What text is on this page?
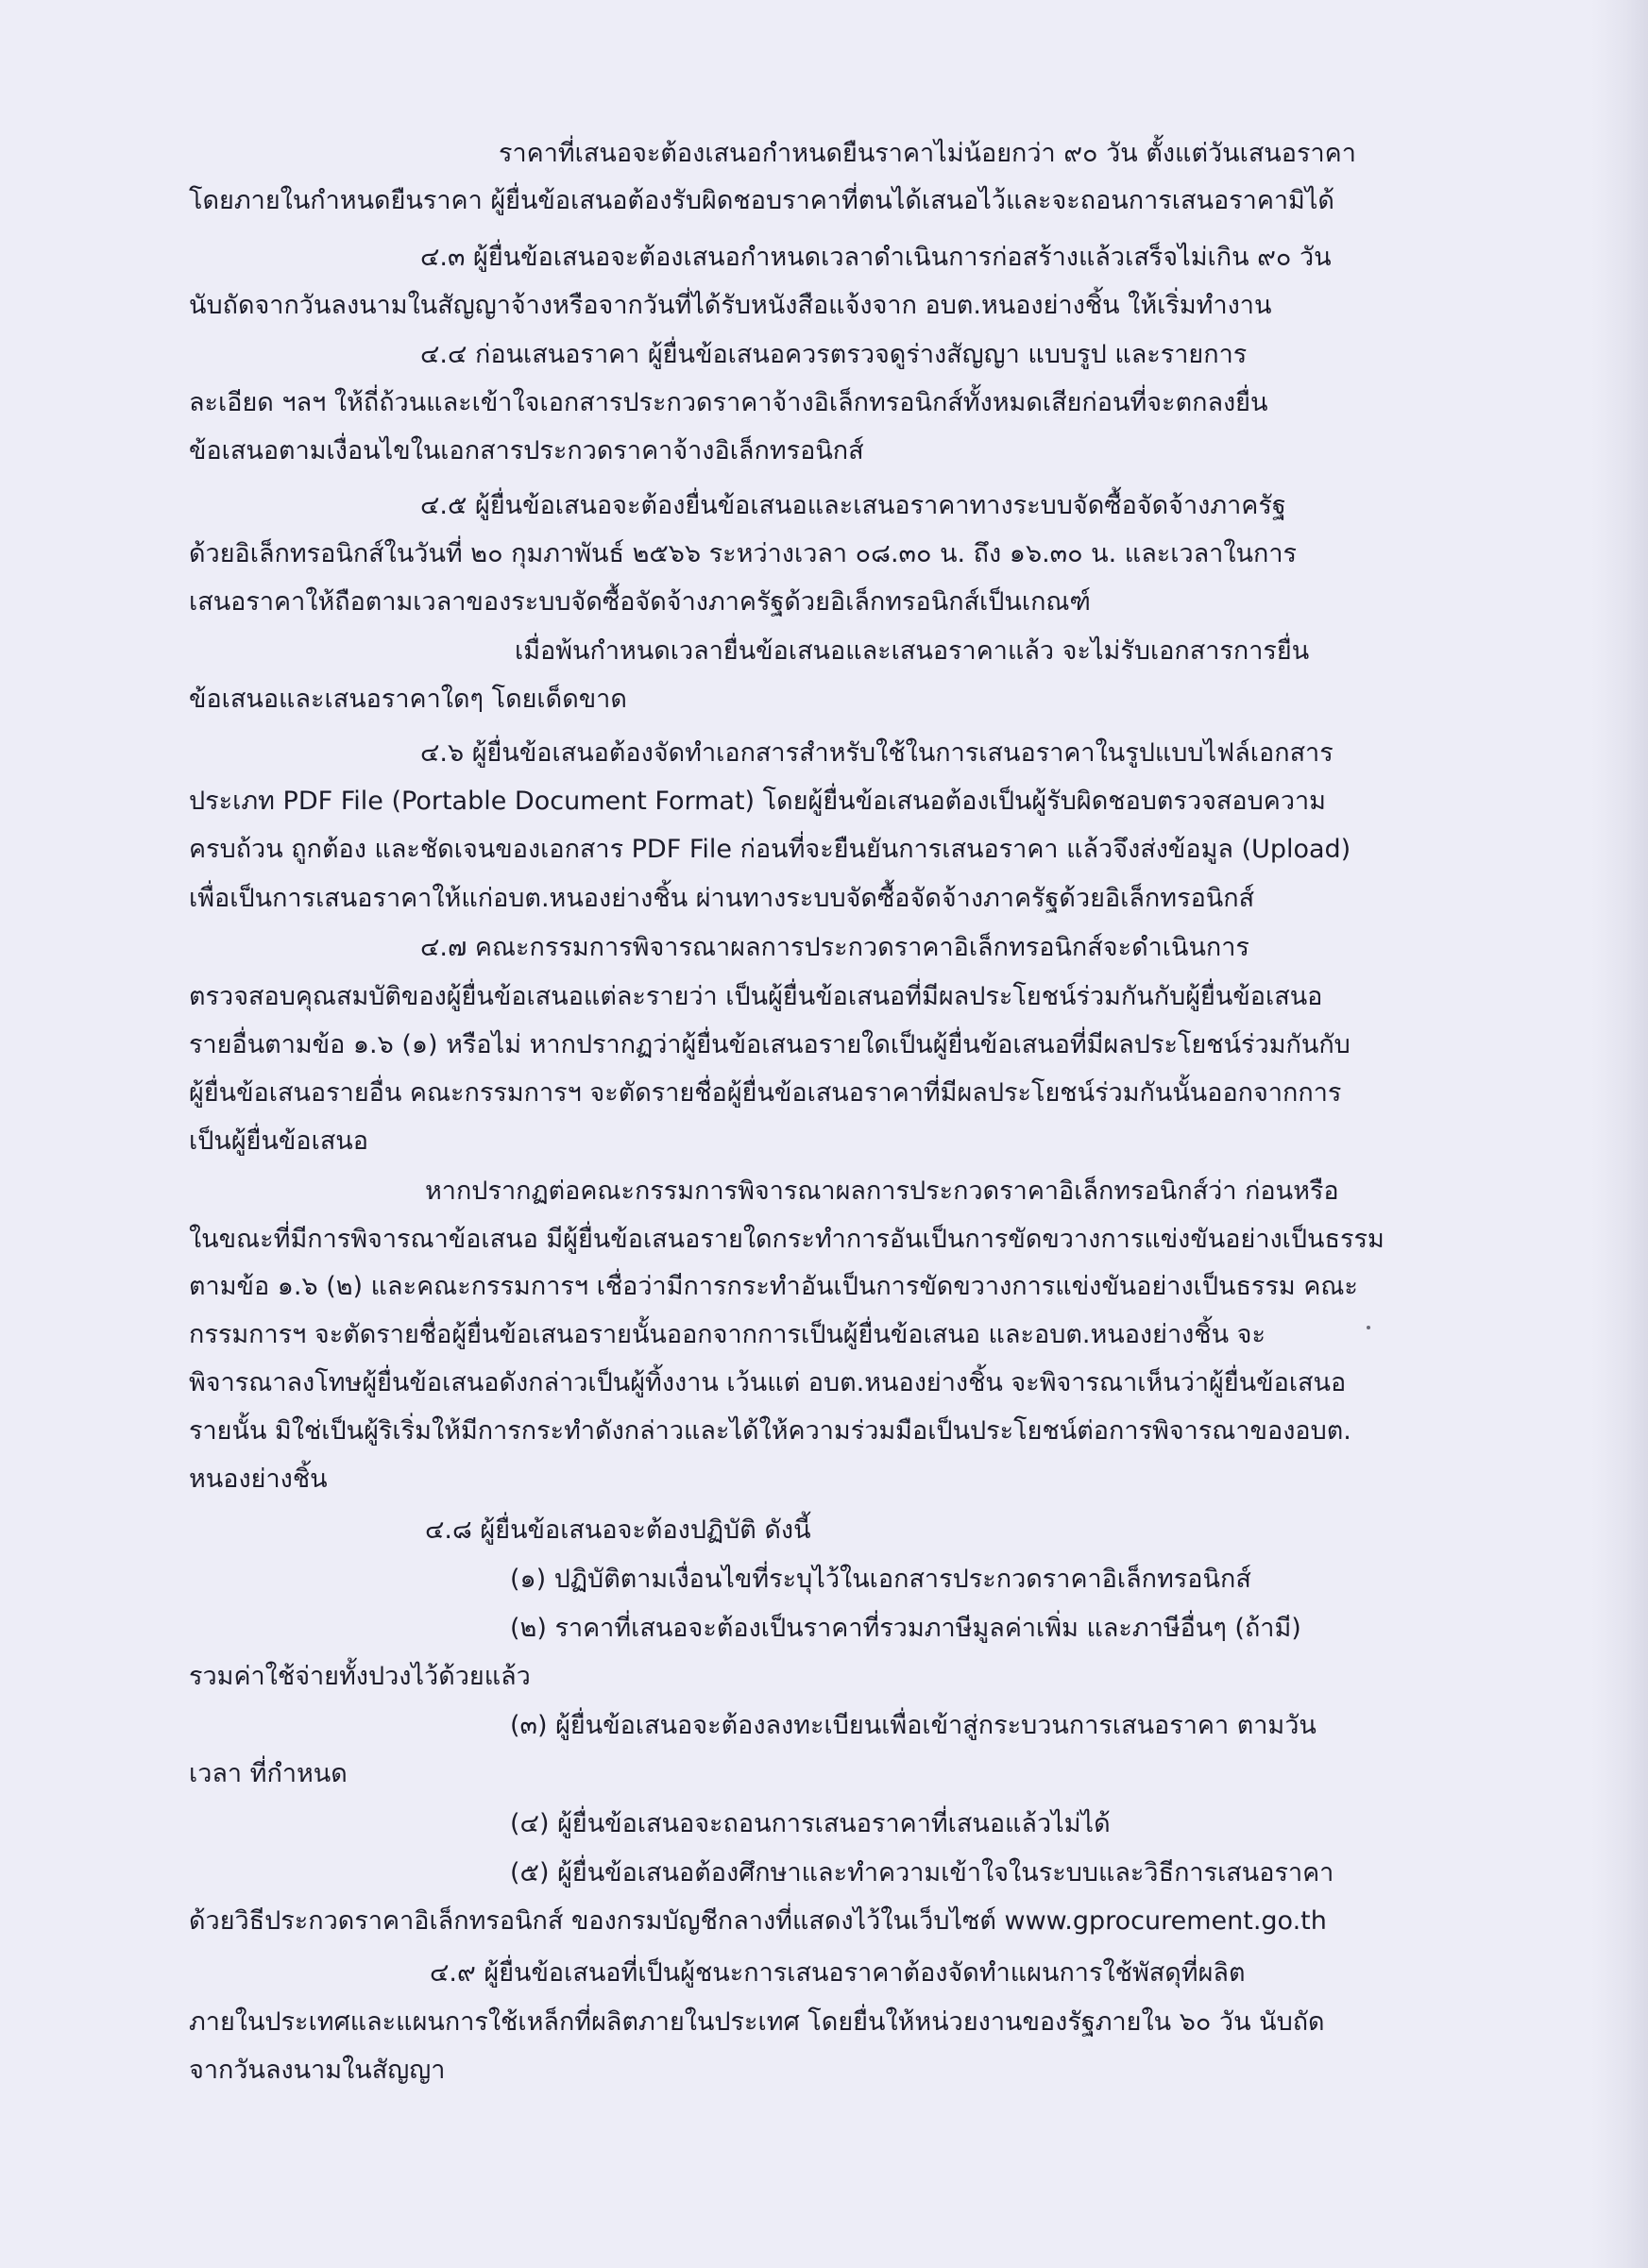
ราคาที่เสนอจะต้องเสนอกำหนดยืนราคาไม่น้อยกว่า ๙๐ วัน ตั้งแต่วันเสนอราคา
โดยภายในกำหนดยืนราคา ผู้ยื่นข้อเสนอต้องรับผิดชอบราคาที่ตนได้เสนอไว้และจะถอนการเสนอราคามิได้
๔.๓ ผู้ยื่นข้อเสนอจะต้องเสนอกำหนดเวลาดำเนินการก่อสร้างแล้วเสร็จไม่เกิน ๙๐ วัน
นับถัดจากวันลงนามในสัญญาจ้างหรือจากวันที่ได้รับหนังสือแจ้งจาก อบต.หนองย่างชิ้น ให้เริ่มทำงาน
๔.๔ ก่อนเสนอราคา ผู้ยื่นข้อเสนอควรตรวจดูร่างสัญญา แบบรูป และรายการ
ละเอียด ฯลฯ ให้ถี่ถ้วนและเข้าใจเอกสารประกวดราคาจ้างอิเล็กทรอนิกส์ทั้งหมดเสียก่อนที่จะตกลงยื่น
ข้อเสนอตามเงื่อนไขในเอกสารประกวดราคาจ้างอิเล็กทรอนิกส์
๔.๕ ผู้ยื่นข้อเสนอจะต้องยื่นข้อเสนอและเสนอราคาทางระบบจัดซื้อจัดจ้างภาครัฐ
ด้วยอิเล็กทรอนิกส์ในวันที่ ๒๐ กุมภาพันธ์ ๒๕๖๖ ระหว่างเวลา ๐๘.๓๐ น. ถึง ๑๖.๓๐ น. และเวลาในการ
เสนอราคาให้ถือตามเวลาของระบบจัดซื้อจัดจ้างภาครัฐด้วยอิเล็กทรอนิกส์เป็นเกณฑ์
เมื่อพ้นกำหนดเวลายื่นข้อเสนอและเสนอราคาแล้ว จะไม่รับเอกสารการยื่น
ข้อเสนอและเสนอราคาใดๆ โดยเด็ดขาด
๔.๖ ผู้ยื่นข้อเสนอต้องจัดทำเอกสารสำหรับใช้ในการเสนอราคาในรูปแบบไฟล์เอกสาร
ประเภท PDF File (Portable Document Format) โดยผู้ยื่นข้อเสนอต้องเป็นผู้รับผิดชอบตรวจสอบความ
ครบถ้วน ถูกต้อง และชัดเจนของเอกสาร PDF File ก่อนที่จะยืนยันการเสนอราคา แล้วจึงส่งข้อมูล (Upload)
เพื่อเป็นการเสนอราคาให้แก่อบต.หนองย่างชิ้น ผ่านทางระบบจัดซื้อจัดจ้างภาครัฐด้วยอิเล็กทรอนิกส์
๔.๗ คณะกรรมการพิจารณาผลการประกวดราคาอิเล็กทรอนิกส์จะดำเนินการ
ตรวจสอบคุณสมบัติของผู้ยื่นข้อเสนอแต่ละรายว่า เป็นผู้ยื่นข้อเสนอที่มีผลประโยชน์ร่วมกันกับผู้ยื่นข้อเสนอ
รายอื่นตามข้อ ๑.๖ (๑) หรือไม่ หากปรากฏว่าผู้ยื่นข้อเสนอรายใดเป็นผู้ยื่นข้อเสนอที่มีผลประโยชน์ร่วมกันกับ
ผู้ยื่นข้อเสนอรายอื่น คณะกรรมการฯ จะตัดรายชื่อผู้ยื่นข้อเสนอราคาที่มีผลประโยชน์ร่วมกันนั้นออกจากการ
เป็นผู้ยื่นข้อเสนอ
หากปรากฏต่อคณะกรรมการพิจารณาผลการประกวดราคาอิเล็กทรอนิกส์ว่า ก่อนหรือ
ในขณะที่มีการพิจารณาข้อเสนอ มีผู้ยื่นข้อเสนอรายใดกระทำการอันเป็นการขัดขวางการแข่งขันอย่างเป็นธรรม
ตามข้อ ๑.๖ (๒) และคณะกรรมการฯ เชื่อว่ามีการกระทำอันเป็นการขัดขวางการแข่งขันอย่างเป็นธรรม คณะ
กรรมการฯ จะตัดรายชื่อผู้ยื่นข้อเสนอรายนั้นออกจากการเป็นผู้ยื่นข้อเสนอ และอบต.หนองย่างชิ้น จะ
พิจารณาลงโทษผู้ยื่นข้อเสนอดังกล่าวเป็นผู้ทิ้งงาน เว้นแต่ อบต.หนองย่างชิ้น จะพิจารณาเห็นว่าผู้ยื่นข้อเสนอ
รายนั้น มิใช่เป็นผู้ริเริ่มให้มีการกระทำดังกล่าวและได้ให้ความร่วมมือเป็นประโยชน์ต่อการพิจารณาของอบต.
หนองย่างชิ้น
๔.๘ ผู้ยื่นข้อเสนอจะต้องปฏิบัติ ดังนี้
(๑) ปฏิบัติตามเงื่อนไขที่ระบุไว้ในเอกสารประกวดราคาอิเล็กทรอนิกส์
(๒) ราคาที่เสนอจะต้องเป็นราคาที่รวมภาษีมูลค่าเพิ่ม และภาษีอื่นๆ (ถ้ามี)
รวมค่าใช้จ่ายทั้งปวงไว้ด้วยแล้ว
(๓) ผู้ยื่นข้อเสนอจะต้องลงทะเบียนเพื่อเข้าสู่กระบวนการเสนอราคา ตามวัน
เวลา ที่กำหนด
(๔) ผู้ยื่นข้อเสนอจะถอนการเสนอราคาที่เสนอแล้วไม่ได้
(๕) ผู้ยื่นข้อเสนอต้องศึกษาและทำความเข้าใจในระบบและวิธีการเสนอราคา
ด้วยวิธีประกวดราคาอิเล็กทรอนิกส์ ของกรมบัญชีกลางที่แสดงไว้ในเว็บไซต์ www.gprocurement.go.th
๔.๙ ผู้ยื่นข้อเสนอที่เป็นผู้ชนะการเสนอราคาต้องจัดทำแผนการใช้พัสดุที่ผลิต
ภายในประเทศและแผนการใช้เหล็กที่ผลิตภายในประเทศ โดยยื่นให้หน่วยงานของรัฐภายใน ๖๐ วัน นับถัด
จากวันลงนามในสัญญา
